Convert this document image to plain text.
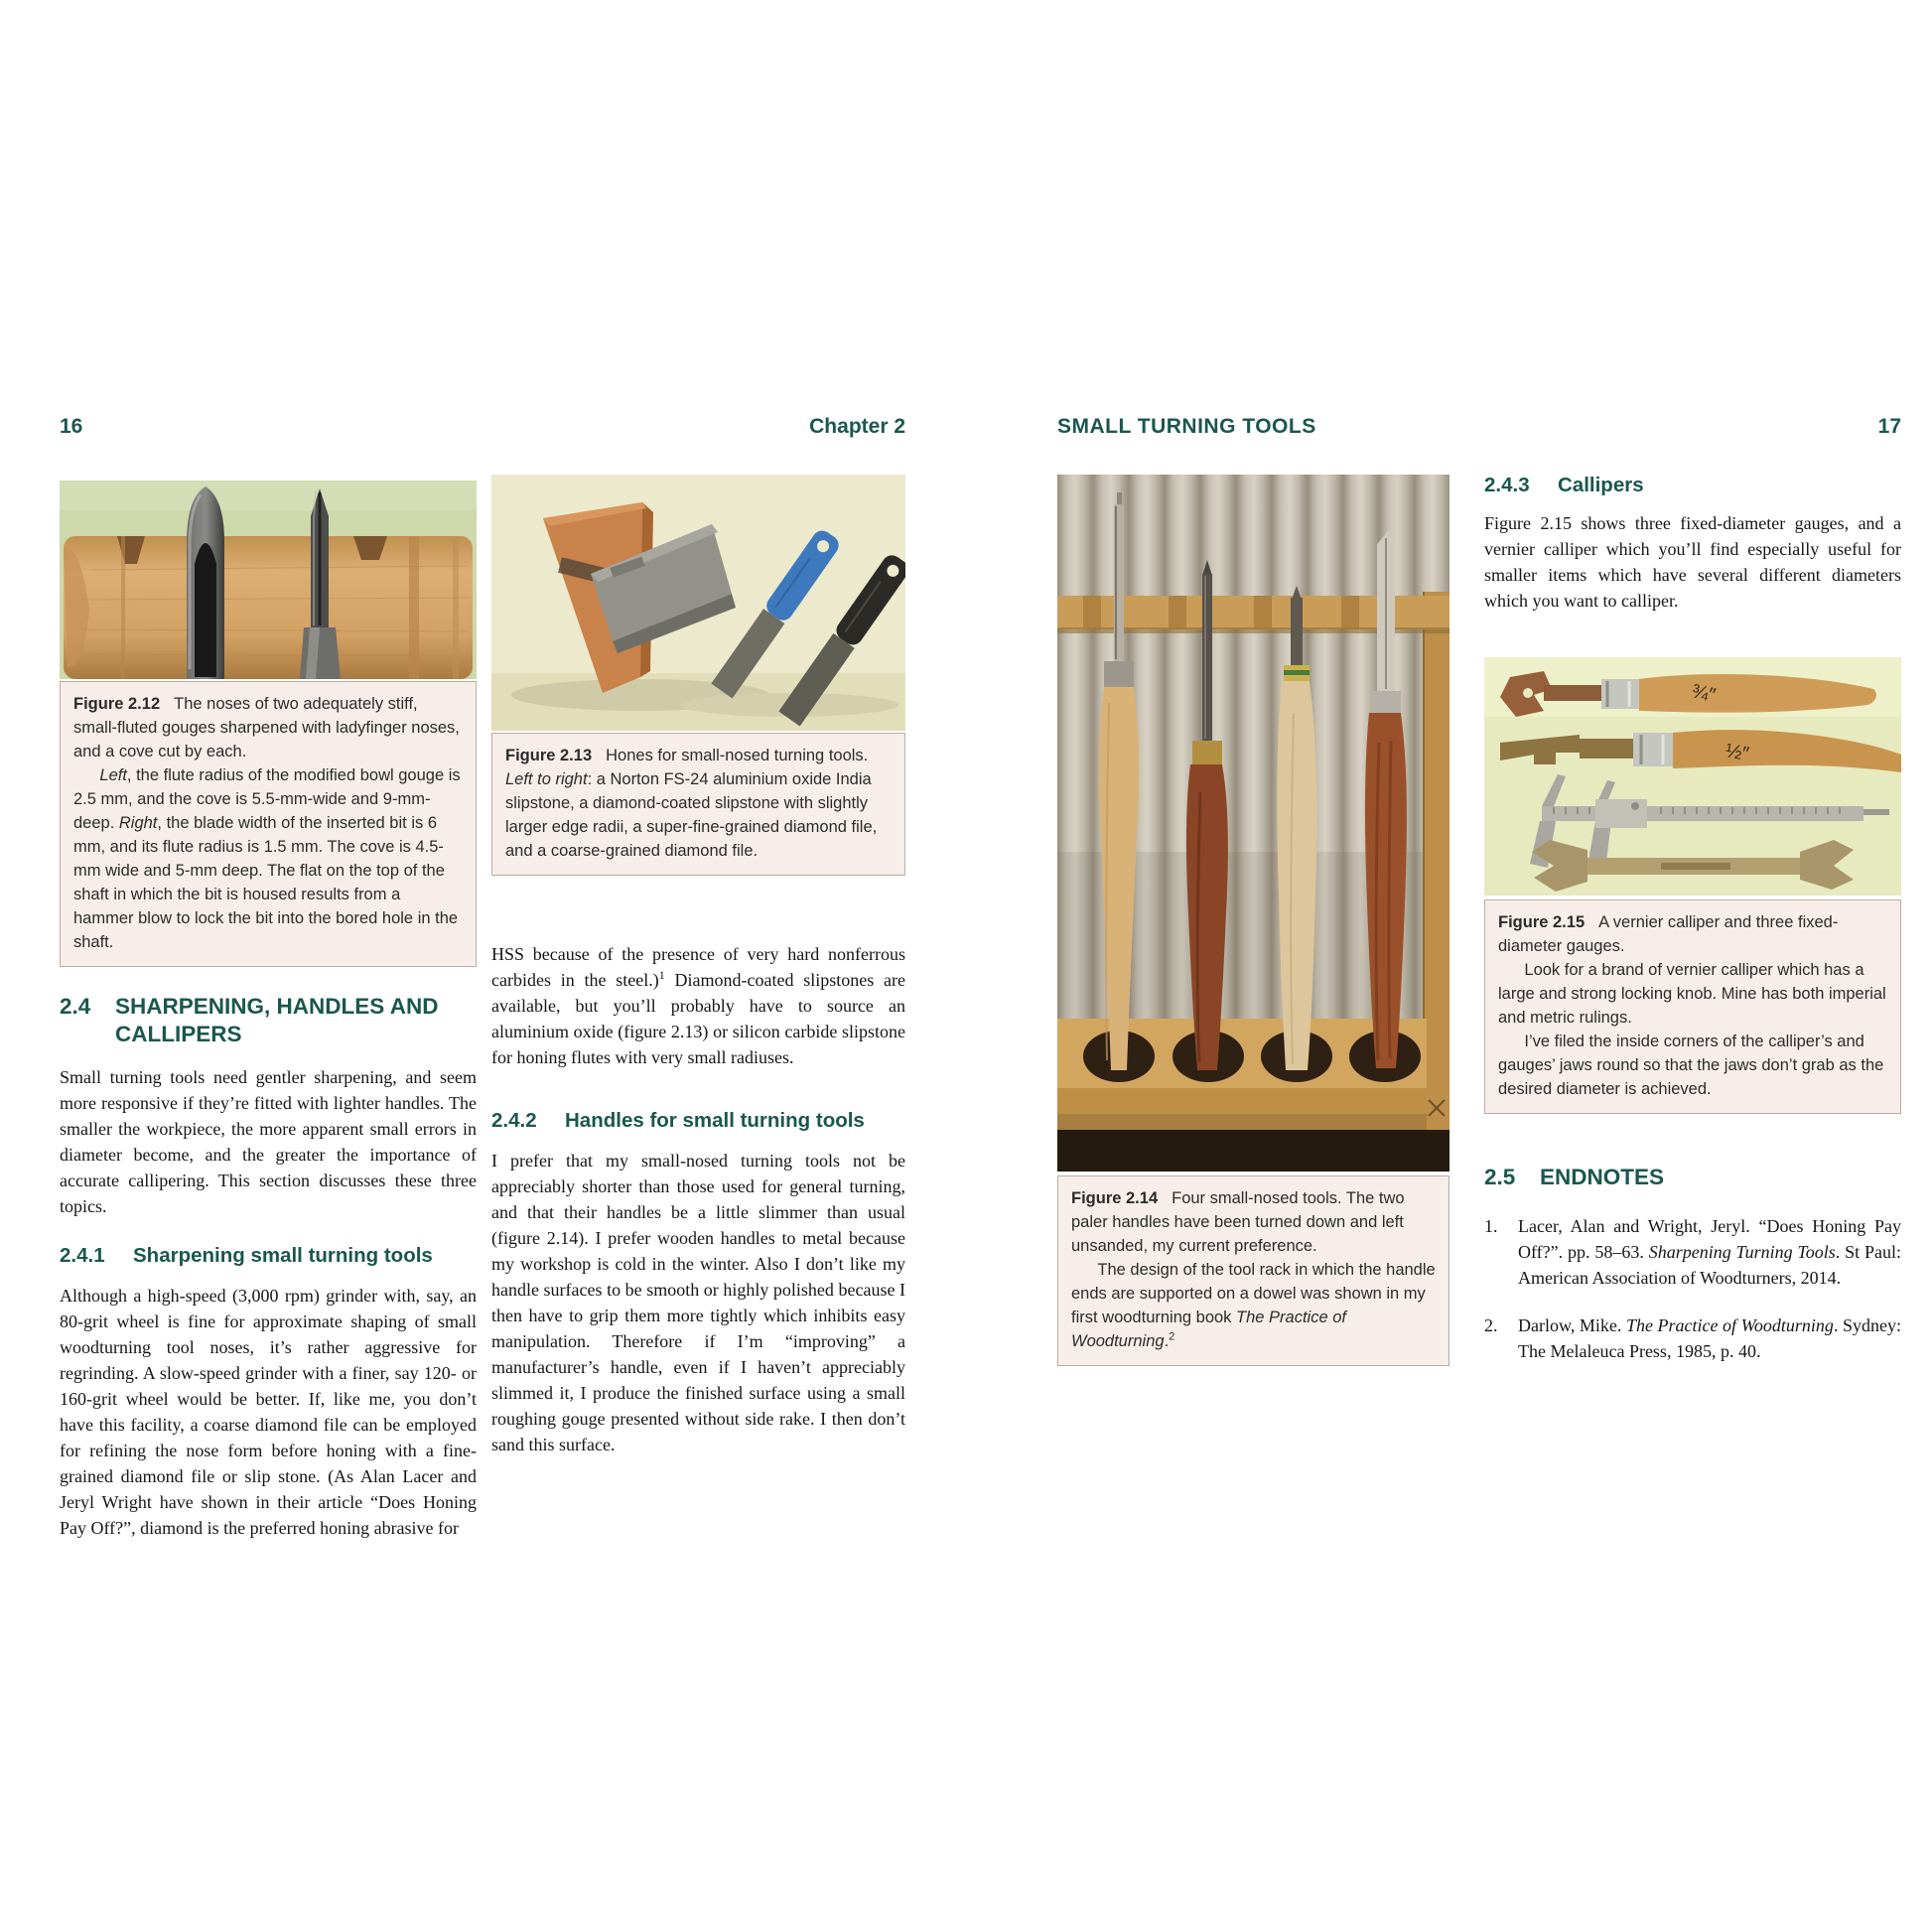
16	Chapter 2	SMALL TURNING TOOLS	17

Figure 2.12 The noses of two adequately stiff, small-fluted gouges sharpened with ladyfinger noses, and a cove cut by each.

Left, the flute radius of the modified bowl gouge is 2.5 mm, and the cove is 5.5-mm-wide and 9-mm-deep. Right, the blade width of the inserted bit is 6 mm, and its flute radius is 1.5 mm. The cove is 4.5-mm wide and 5-mm deep. The flat on the top of the shaft in which the bit is housed results from a hammer blow to lock the bit into the bored hole in the shaft.

2.4	SHARPENING, HANDLES AND CALLIPERS

Small turning tools need gentler sharpening, and seem more responsive if they’re fitted with lighter handles. The smaller the workpiece, the more apparent small errors in diameter become, and the greater the importance of accurate callipering. This section discusses these three topics.

2.4.1	Sharpening small turning tools

Although a high-speed (3,000 rpm) grinder with, say, an 80-grit wheel is fine for approximate shaping of small woodturning tool noses, it’s rather aggressive for regrinding. A slow-speed grinder with a finer, say 120- or 160-grit wheel would be better. If, like me, you don’t have this facility, a coarse diamond file can be employed for refining the nose form before honing with a fine-grained diamond file or slip stone. (As Alan Lacer and Jeryl Wright have shown in their article “Does Honing Pay Off?”, diamond is the preferred honing abrasive for

Figure 2.13 Hones for small-nosed turning tools. Left to right: a Norton FS-24 aluminium oxide India slipstone, a diamond-coated slipstone with slightly larger edge radii, a super-fine-grained diamond file, and a coarse-grained diamond file.

HSS because of the presence of very hard nonferrous carbides in the steel.)$^1$ Diamond-coated slipstones are available, but you’ll probably have to source an aluminium oxide (figure 2.13) or silicon carbide slipstone for honing flutes with very small radiuses.

2.4.2	Handles for small turning tools

I prefer that my small-nosed turning tools not be appreciably shorter than those used for general turning, and that their handles be a little slimmer than usual (figure 2.14). I prefer wooden handles to metal because my workshop is cold in the winter. Also I don’t like my handle surfaces to be smooth or highly polished because I then have to grip them more tightly which inhibits easy manipulation. Therefore if I’m “improving” a manufacturer’s handle, even if I haven’t appreciably slimmed it, I produce the finished surface using a small roughing gouge presented without side rake. I then don’t sand this surface.

Figure 2.14 Four small-nosed tools. The two paler handles have been turned down and left unsanded, my current preference.

The design of the tool rack in which the handle ends are supported on a dowel was shown in my first woodturning book The Practice of Woodturning.$^2$

2.4.3	Callipers

Figure 2.15 shows three fixed-diameter gauges, and a vernier calliper which you’ll find especially useful for smaller items which have several different diameters which you want to calliper.

¾″
½″

Figure 2.15 A vernier calliper and three fixed-diameter gauges.

Look for a brand of vernier calliper which has a large and strong locking knob. Mine has both imperial and metric rulings.

I’ve filed the inside corners of the calliper’s and gauges’ jaws round so that the jaws don’t grab as the desired diameter is achieved.

2.5	ENDNOTES
1.	Lacer, Alan and Wright, Jeryl. “Does Honing Pay Off?”. pp. 58–63. Sharpening Turning Tools. St Paul: American Association of Woodturners, 2014.
2.	Darlow, Mike. The Practice of Woodturning. Sydney: The Melaleuca Press, 1985, p. 40.
